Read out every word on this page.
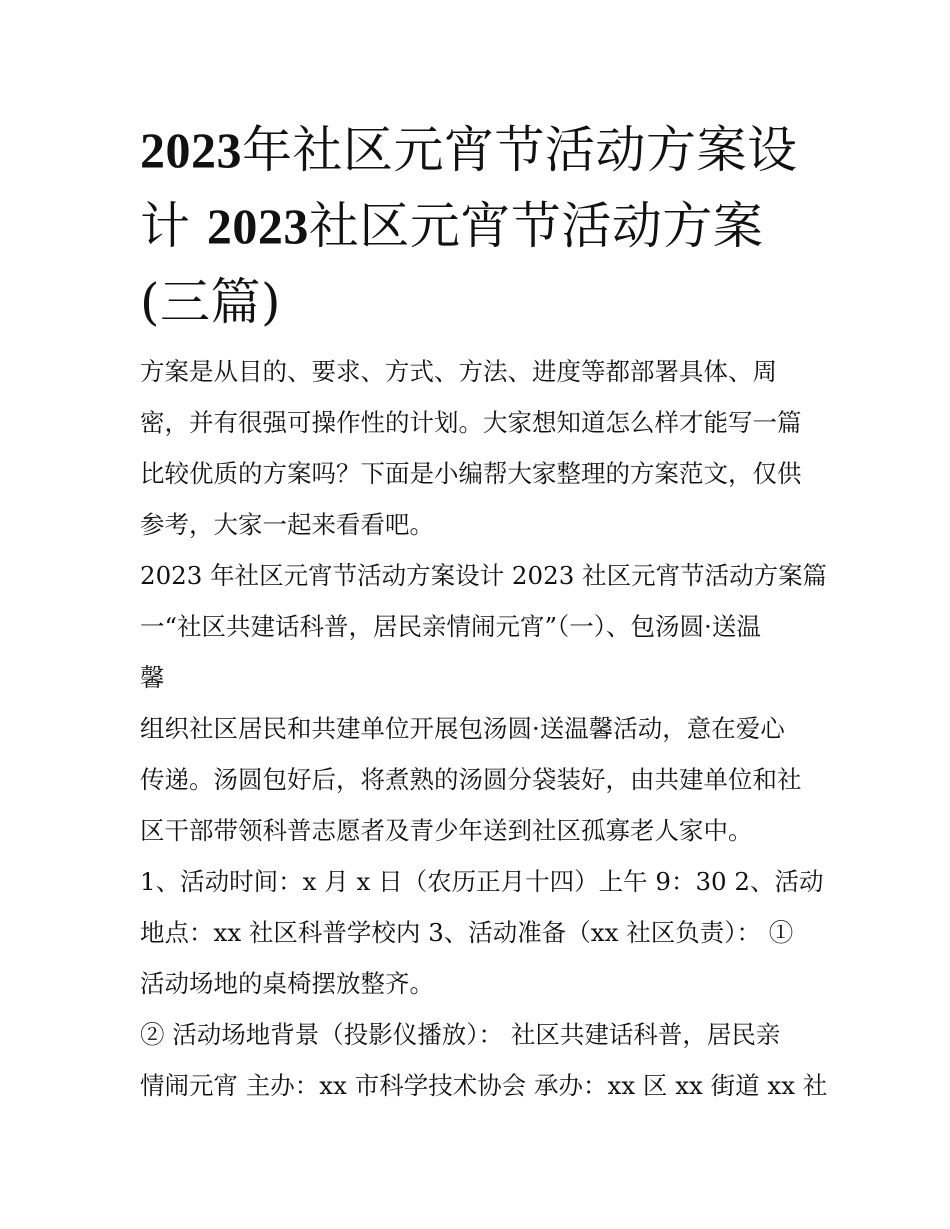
2023年社区元宵节活动方案设
计 2023社区元宵节活动方案
(三篇)
方案是从目的、要求、方式、方法、进度等都部署具体、周
密，并有很强可操作性的计划。大家想知道怎么样才能写一篇
比较优质的方案吗？下面是小编帮大家整理的方案范文，仅供
参考，大家一起来看看吧。
2023 年社区元宵节活动方案设计 2023 社区元宵节活动方案篇
一“社区共建话科普，居民亲情闹元宵”（一）、包汤圆·送温
馨
组织社区居民和共建单位开展包汤圆·送温馨活动，意在爱心
传递。汤圆包好后，将煮熟的汤圆分袋装好，由共建单位和社
区干部带领科普志愿者及青少年送到社区孤寡老人家中。
1、活动时间：x 月 x 日（农历正月十四）上午 9：30 2、活动
地点：xx 社区科普学校内 3、活动准备（xx 社区负责）： ①
活动场地的桌椅摆放整齐。
② 活动场地背景（投影仪播放）： 社区共建话科普，居民亲
情闹元宵 主办：xx 市科学技术协会 承办：xx 区 xx 街道 xx 社
